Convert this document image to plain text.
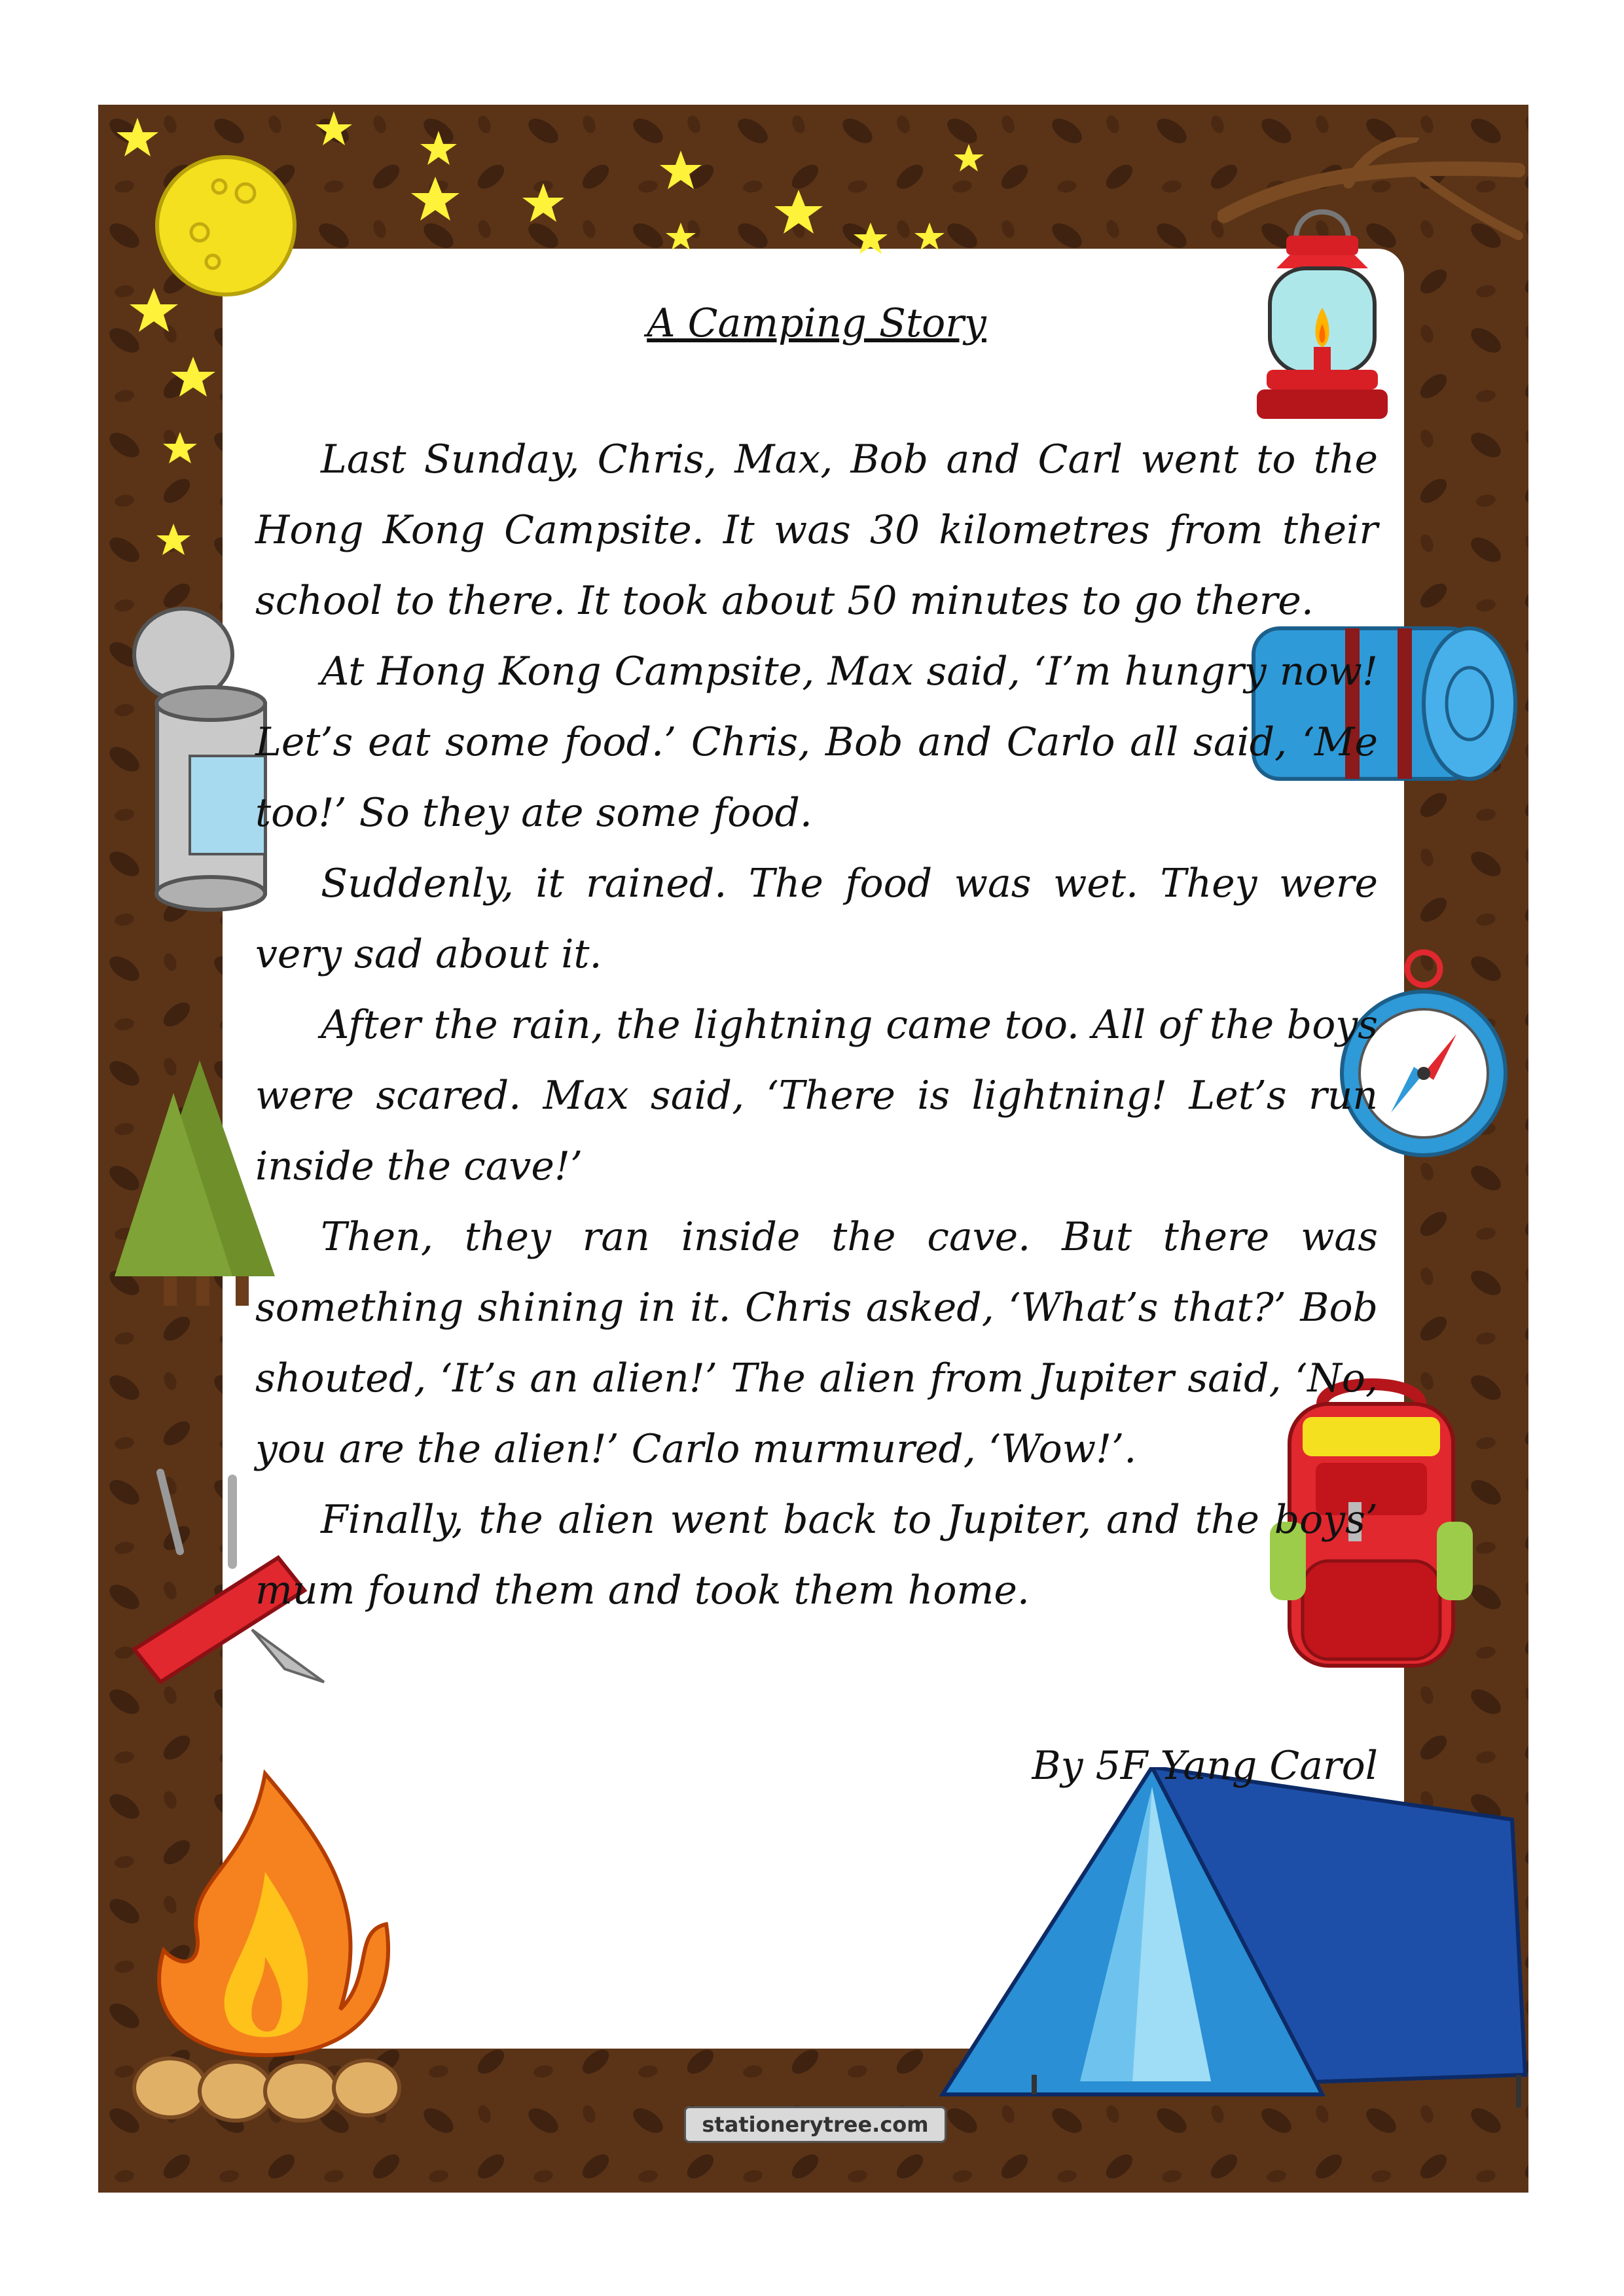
A Camping Story

Last Sunday, Chris, Max, Bob and Carl went to the Hong Kong Campsite. It was 30 kilometres from their school to there. It took about 50 minutes to go there.

At Hong Kong Campsite, Max said, ‘I’m hungry now! Let’s eat some food.’ Chris, Bob and Carlo all said, ‘Me too!’ So they ate some food.

Suddenly, it rained. The food was wet. They were very sad about it.

After the rain, the lightning came too. All of the boys were scared. Max said, ‘There is lightning! Let’s run inside the cave!’

Then, they ran inside the cave. But there was something shining in it. Chris asked, ‘What’s that?’ Bob shouted, ‘It’s an alien!’ The alien from Jupiter said, ‘No, you are the alien!’ Carlo murmured, ‘Wow!’.

Finally, the alien went back to Jupiter, and the boys’ mum found them and took them home.

By 5F Yang Carol
stationerytree.com
